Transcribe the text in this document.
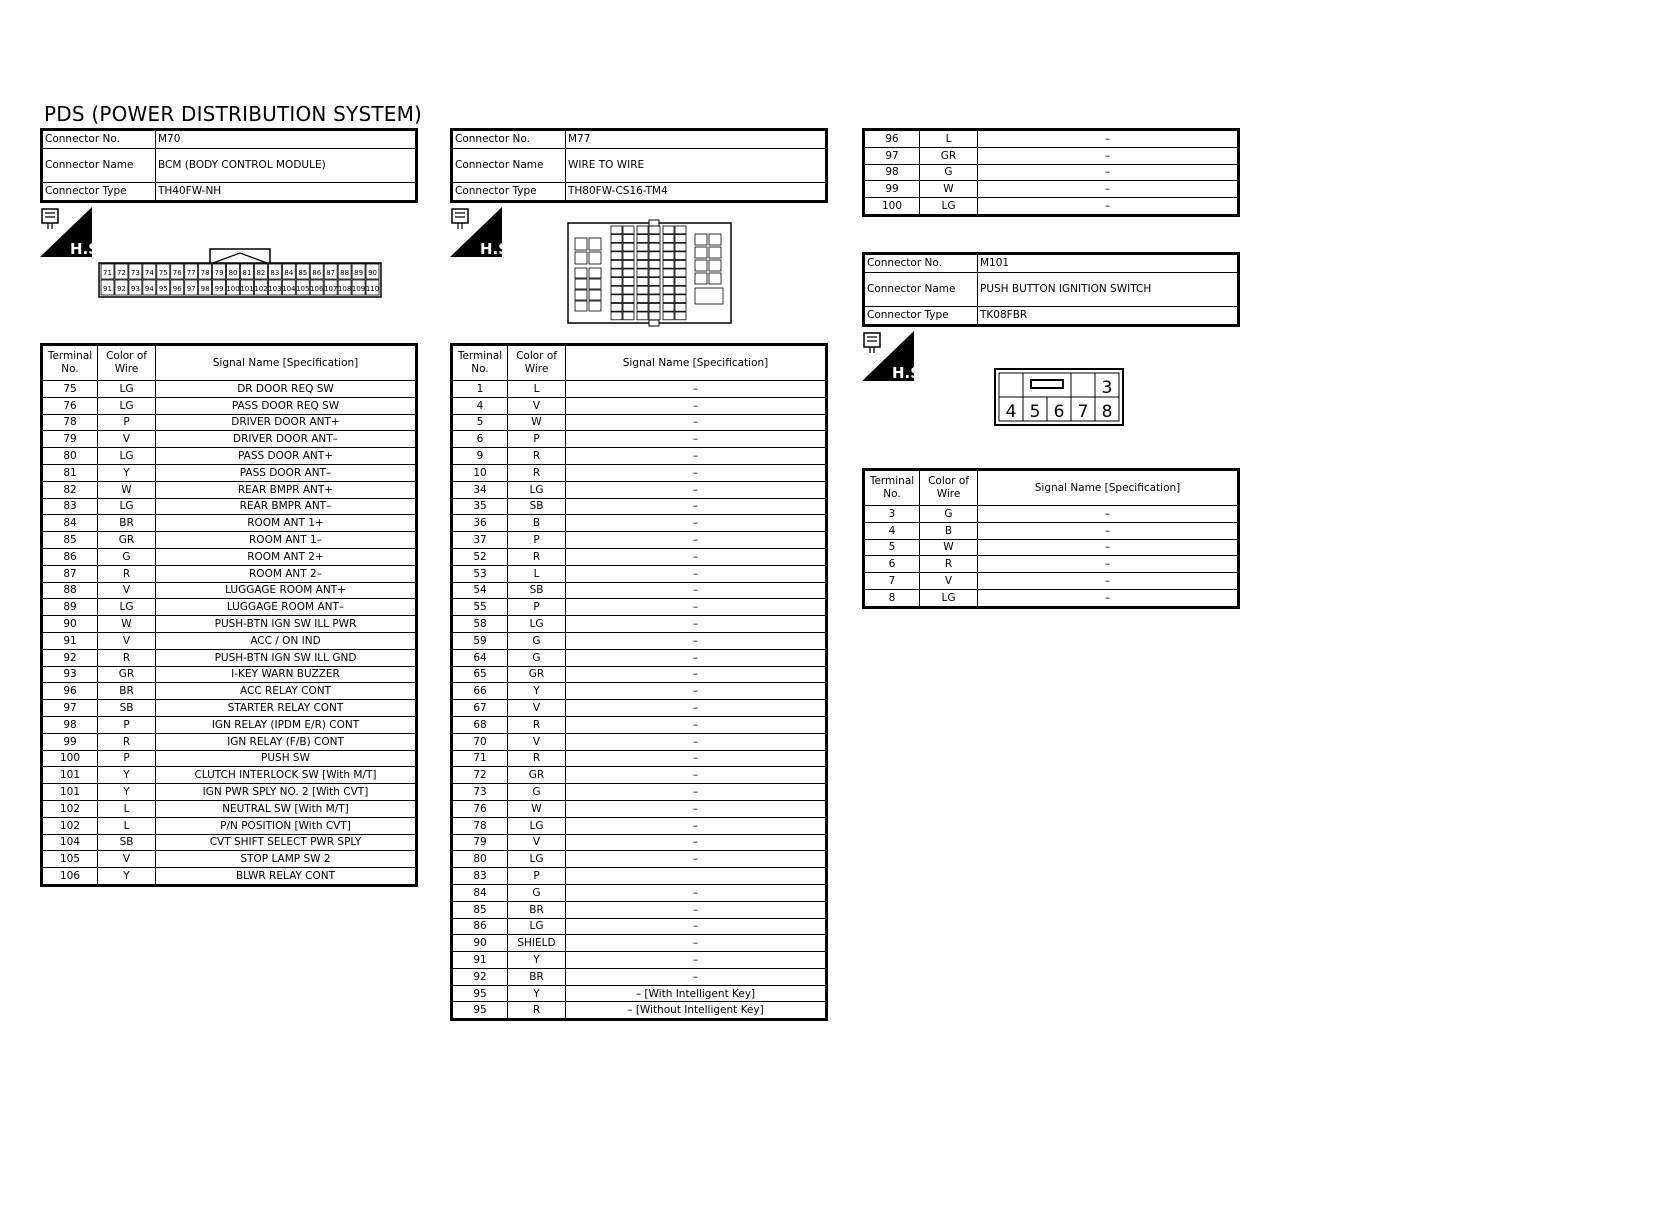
PDS (POWER DISTRIBUTION SYSTEM)
Connector No.	M70
Connector Name	BCM (BODY CONTROL MODULE)
Connector Type	TH40FW-NH
H.S.
71 72 73 74 75 76 77 78 79 80 81 82 83 84 85 86 87 88 89 90
91 92 93 94 95 96 97 98 99 100 101 102 103 104 105 106 107 108 109 110
Terminal No.	Color of Wire	Signal Name [Specification]
75	LG	DR DOOR REQ SW
76	LG	PASS DOOR REQ SW
78	P	DRIVER DOOR ANT+
79	V	DRIVER DOOR ANT–
80	LG	PASS DOOR ANT+
81	Y	PASS DOOR ANT–
82	W	REAR BMPR ANT+
83	LG	REAR BMPR ANT–
84	BR	ROOM ANT 1+
85	GR	ROOM ANT 1–
86	G	ROOM ANT 2+
87	R	ROOM ANT 2–
88	V	LUGGAGE ROOM ANT+
89	LG	LUGGAGE ROOM ANT–
90	W	PUSH-BTN IGN SW ILL PWR
91	V	ACC / ON IND
92	R	PUSH-BTN IGN SW ILL GND
93	GR	I-KEY WARN BUZZER
96	BR	ACC RELAY CONT
97	SB	STARTER RELAY CONT
98	P	IGN RELAY (IPDM E/R) CONT
99	R	IGN RELAY (F/B) CONT
100	P	PUSH SW
101	Y	CLUTCH INTERLOCK SW [With M/T]
101	Y	IGN PWR SPLY NO. 2 [With CVT]
102	L	NEUTRAL SW [With M/T]
102	L	P/N POSITION [With CVT]
104	SB	CVT SHIFT SELECT PWR SPLY
105	V	STOP LAMP SW 2
106	Y	BLWR RELAY CONT
Connector No.	M77
Connector Name	WIRE TO WIRE
Connector Type	TH80FW-CS16-TM4
H.S.
Terminal No.	Color of Wire	Signal Name [Specification]
1	L	–
4	V	–
5	W	–
6	P	–
9	R	–
10	R	–
34	LG	–
35	SB	–
36	B	–
37	P	–
52	R	–
53	L	–
54	SB	–
55	P	–
58	LG	–
59	G	–
64	G	–
65	GR	–
66	Y	–
67	V	–
68	R	–
70	V	–
71	R	–
72	GR	–
73	G	–
76	W	–
78	LG	–
79	V	–
80	LG	–
83	P	
84	G	–
85	BR	–
86	LG	–
90	SHIELD	–
91	Y	–
92	BR	–
95	Y	– [With Intelligent Key]
95	R	– [Without Intelligent Key]
96	L	–
97	GR	–
98	G	–
99	W	–
100	LG	–
Connector No.	M101
Connector Name	PUSH BUTTON IGNITION SWITCH
Connector Type	TK08FBR
H.S.
3
4 5 6 7 8
Terminal No.	Color of Wire	Signal Name [Specification]
3	G	–
4	B	–
5	W	–
6	R	–
7	V	–
8	LG	–
